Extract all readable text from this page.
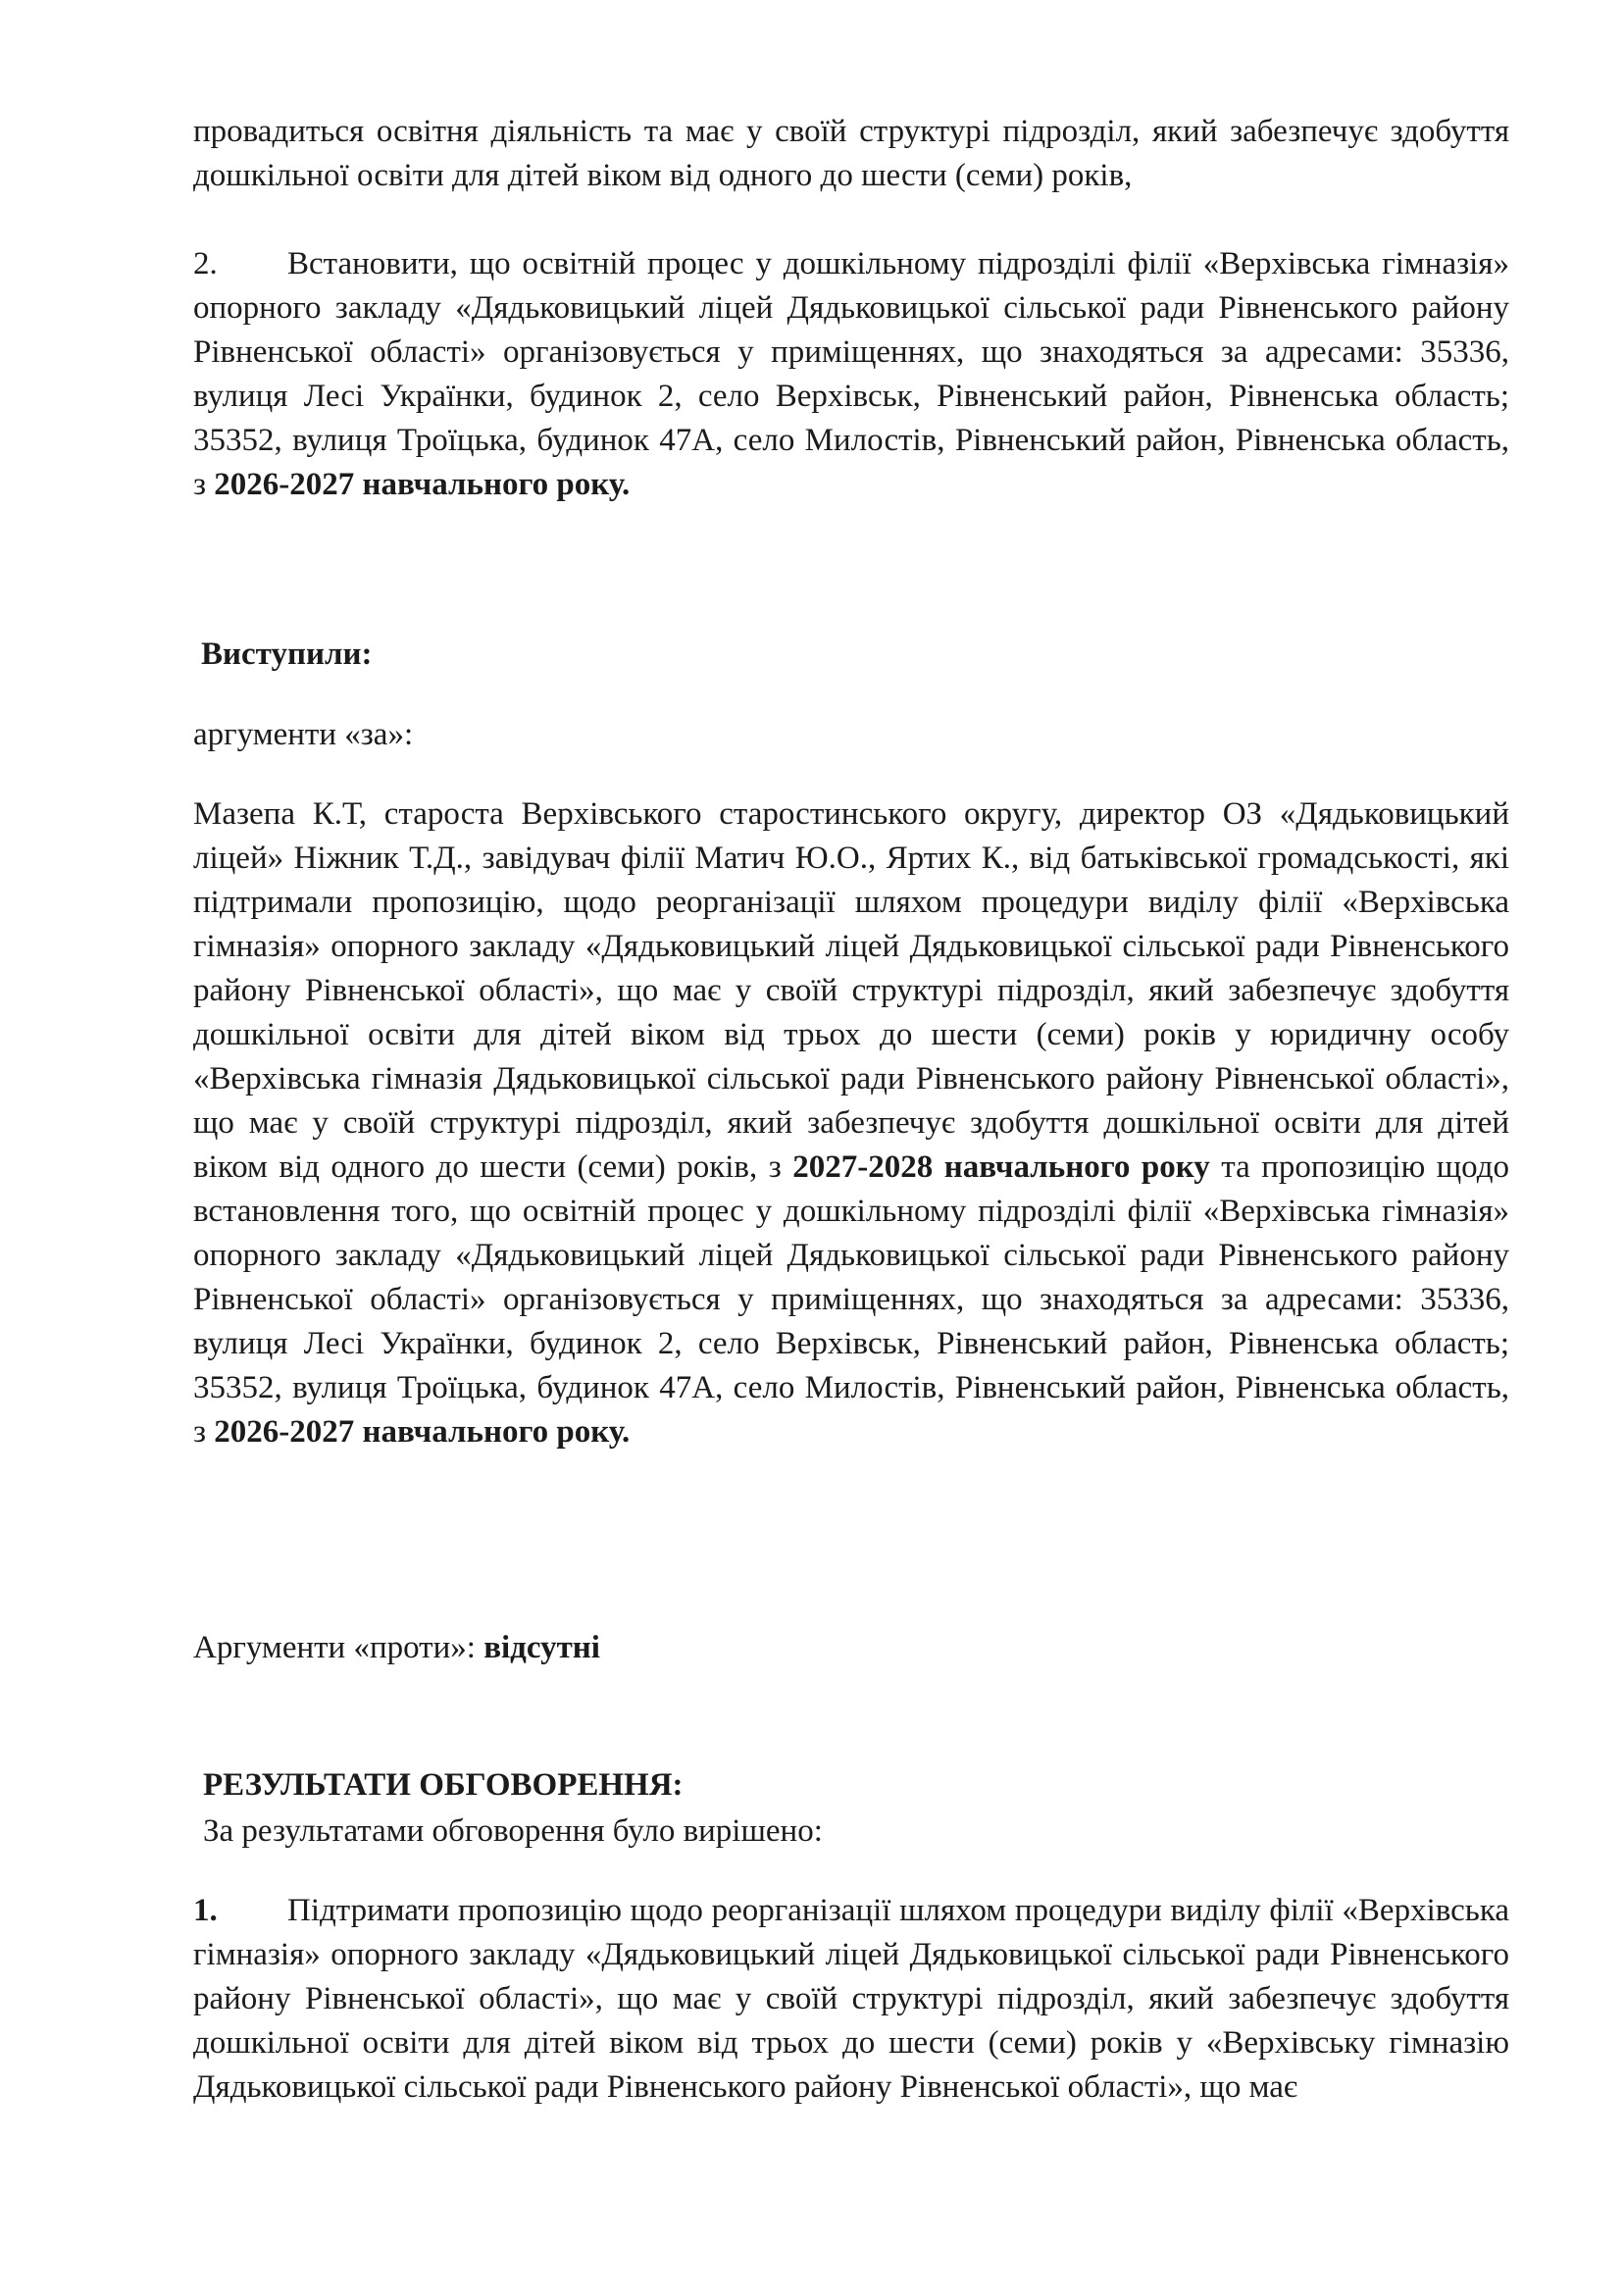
провадиться освітня діяльність та має у своїй структурі підрозділ, який забезпечує здобуття дошкільної освіти для дітей віком від одного до шести (семи) років,
2. Встановити, що освітній процес у дошкільному підрозділі філії «Верхівська гімназія» опорного закладу «Дядьковицький ліцей Дядьковицької сільської ради Рівненського району Рівненської області» організовується у приміщеннях, що знаходяться за адресами: 35336, вулиця Лесі Українки, будинок 2, село Верхівськ, Рівненський район, Рівненська область; 35352, вулиця Троїцька, будинок 47А, село Милостів, Рівненський район, Рівненська область, з 2026-2027 навчального року.
Виступили:
аргументи «за»:
Мазепа К.Т, староста Верхівського старостинського округу, директор ОЗ «Дядьковицький ліцей» Ніжник Т.Д., завідувач філії Матич Ю.О., Яртих К., від батьківської громадськості, які підтримали пропозицію, щодо реорганізації шляхом процедури виділу філії «Верхівська гімназія» опорного закладу «Дядьковицький ліцей Дядьковицької сільської ради Рівненського району Рівненської області», що має у своїй структурі підрозділ, який забезпечує здобуття дошкільної освіти для дітей віком від трьох до шести (семи) років у юридичну особу «Верхівська гімназія Дядьковицької сільської ради Рівненського району Рівненської області», що має у своїй структурі підрозділ, який забезпечує здобуття дошкільної освіти для дітей віком від одного до шести (семи) років, з 2027-2028 навчального року та пропозицію щодо встановлення того, що освітній процес у дошкільному підрозділі філії «Верхівська гімназія» опорного закладу «Дядьковицький ліцей Дядьковицької сільської ради Рівненського району Рівненської області» організовується у приміщеннях, що знаходяться за адресами: 35336, вулиця Лесі Українки, будинок 2, село Верхівськ, Рівненський район, Рівненська область; 35352, вулиця Троїцька, будинок 47А, село Милостів, Рівненський район, Рівненська область, з 2026-2027 навчального року.
Аргументи «проти»: відсутні
РЕЗУЛЬТАТИ ОБГОВОРЕННЯ:
За результатами обговорення було вирішено:
1. Підтримати пропозицію щодо реорганізації шляхом процедури виділу філії «Верхівська гімназія» опорного закладу «Дядьковицький ліцей Дядьковицької сільської ради Рівненського району Рівненської області», що має у своїй структурі підрозділ, який забезпечує здобуття дошкільної освіти для дітей віком від трьох до шести (семи) років у «Верхівську гімназію Дядьковицької сільської ради Рівненського району Рівненської області», що має
